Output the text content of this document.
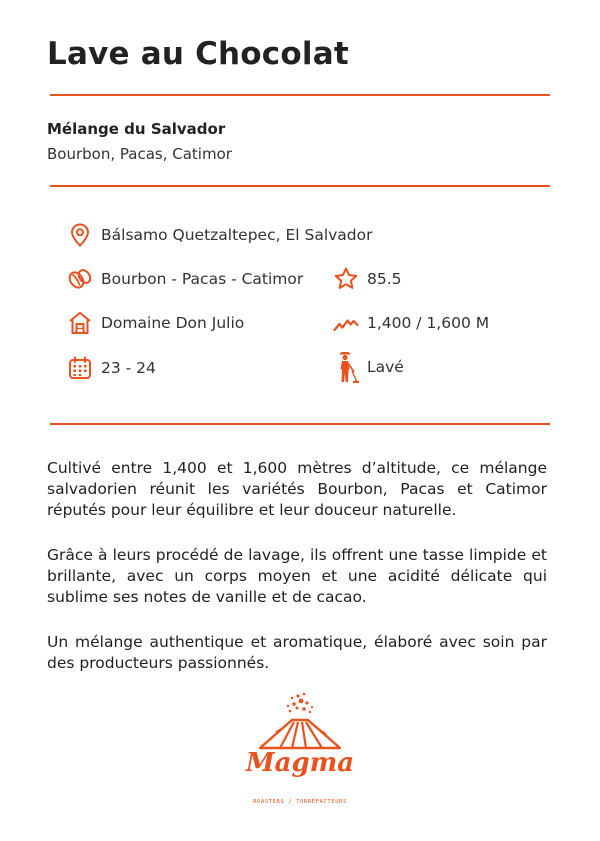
Lave au Chocolat
Mélange du Salvador
Bourbon, Pacas, Catimor
Bálsamo Quetzaltepec, El Salvador
Bourbon - Pacas - Catimor	85.5
Domaine Don Julio	1,400 / 1,600 M
23 - 24	Lavé

Cultivé entre 1,400 et 1,600 mètres d’altitude, ce mélange salvadorien réunit les variétés Bourbon, Pacas et Catimor réputés pour leur équilibre et leur douceur naturelle.

Grâce à leurs procédé de lavage, ils offrent une tasse limpide et brillante, avec un corps moyen et une acidité délicate qui sublime ses notes de vanille et de cacao.

Un mélange authentique et aromatique, élaboré avec soin par des producteurs passionnés.

Magma
ROASTERS / TORRÉFACTEURS
